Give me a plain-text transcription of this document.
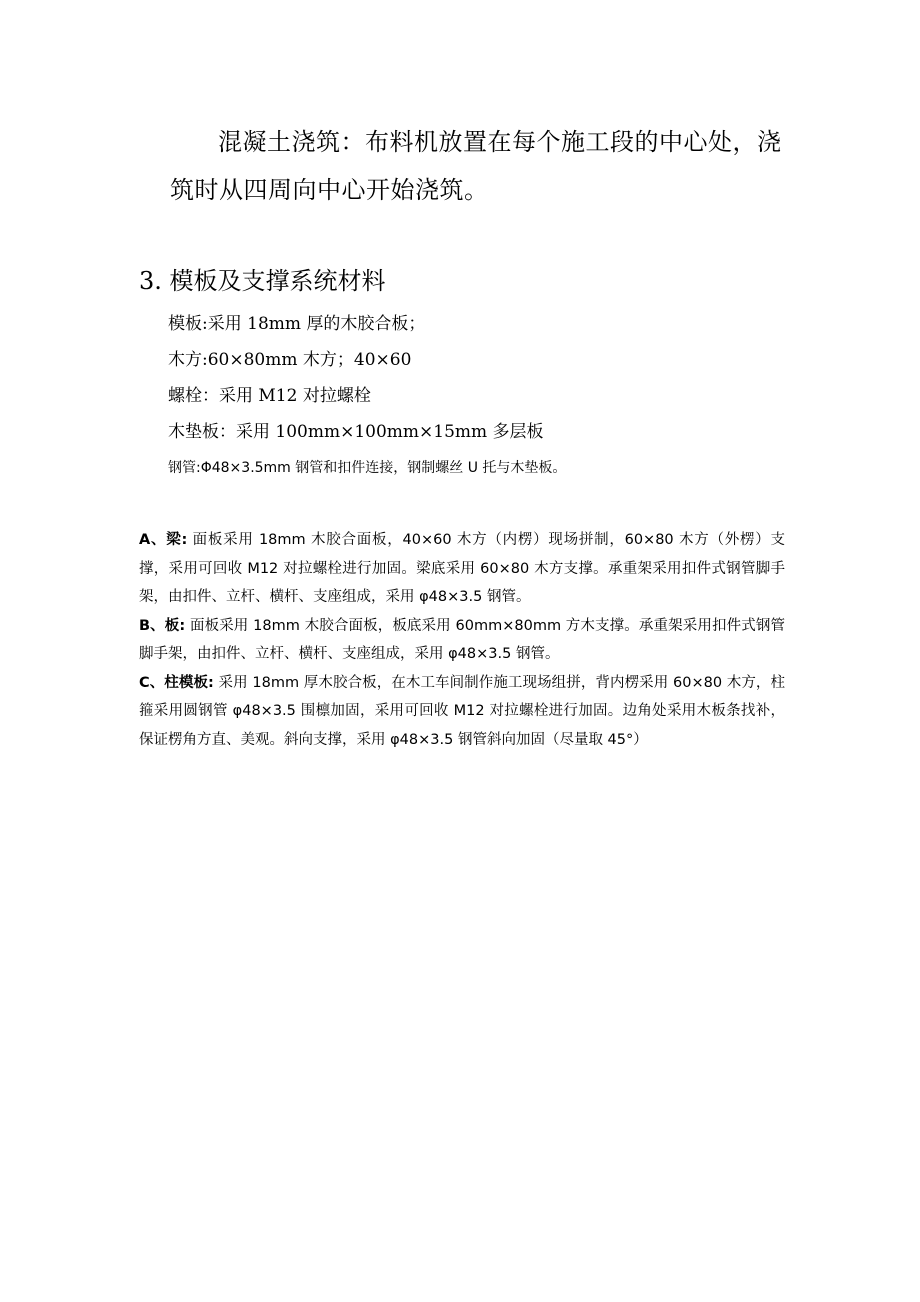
混凝土浇筑：布料机放置在每个施工段的中心处，浇筑时从四周向中心开始浇筑。

3. 模板及支撑系统材料

模板:采用 18mm 厚的木胶合板；

木方:60×80mm 木方；40×60

螺栓：采用 M12 对拉螺栓

木垫板：采用 100mm×100mm×15mm 多层板

钢管:Φ48×3.5mm 钢管和扣件连接，钢制螺丝 U 托与木垫板。

A、梁: 面板采用 18mm 木胶合面板，40×60 木方（内楞）现场拼制，60×80 木方（外楞）支撑，采用可回收 M12 对拉螺栓进行加固。梁底采用 60×80 木方支撑。承重架采用扣件式钢管脚手架，由扣件、立杆、横杆、支座组成，采用 φ48×3.5 钢管。

B、板: 面板采用 18mm 木胶合面板，板底采用 60mm×80mm 方木支撑。承重架采用扣件式钢管脚手架，由扣件、立杆、横杆、支座组成，采用 φ48×3.5 钢管。

C、柱模板: 采用 18mm 厚木胶合板，在木工车间制作施工现场组拼，背内楞采用 60×80 木方，柱箍采用圆钢管 φ48×3.5 围檩加固，采用可回收 M12 对拉螺栓进行加固。边角处采用木板条找补，保证楞角方直、美观。斜向支撑，采用 φ48×3.5 钢管斜向加固（尽量取 45°）
